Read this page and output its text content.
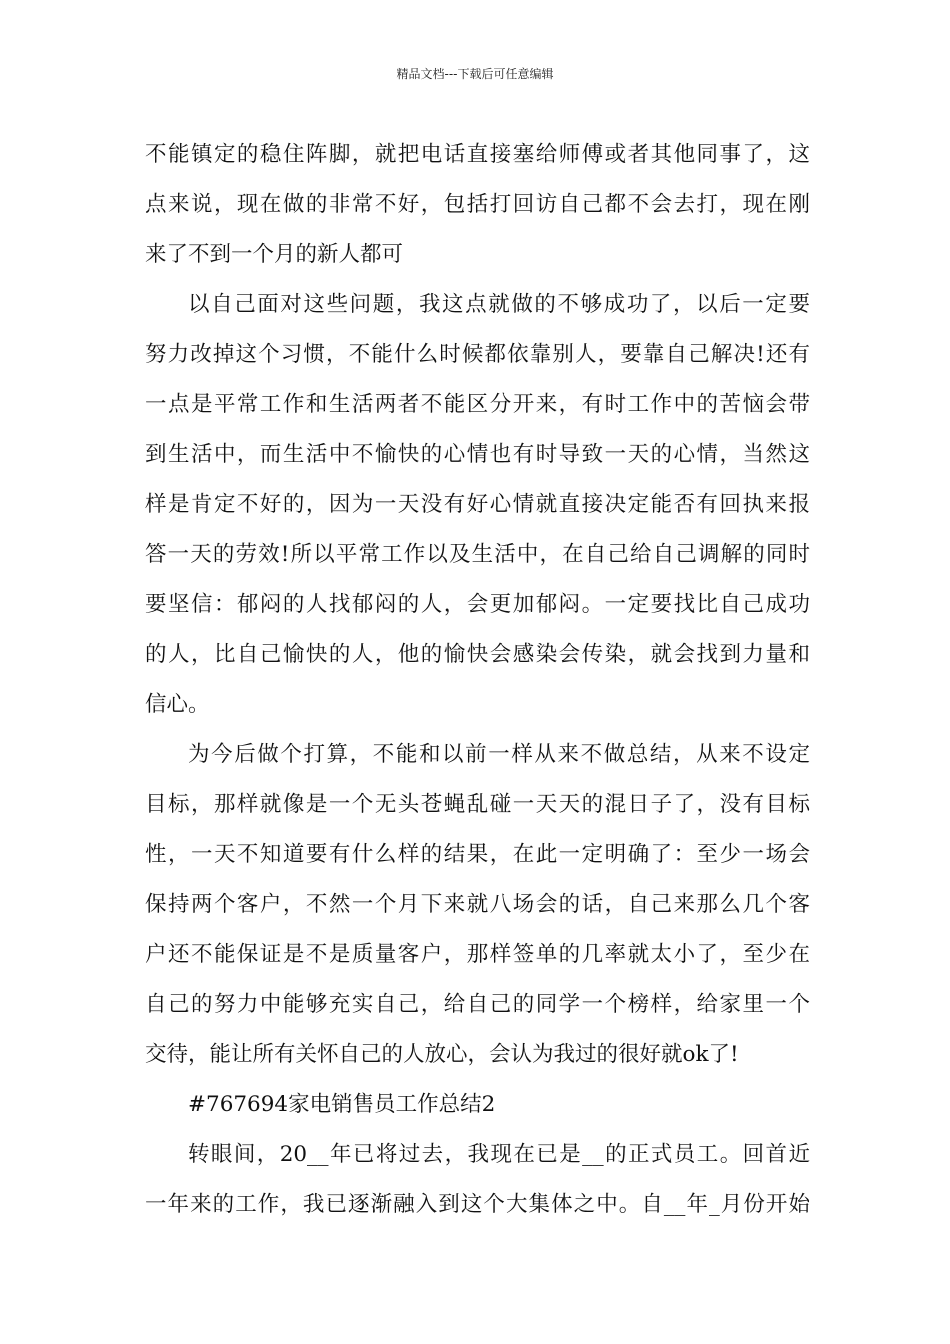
精品文档---下载后可任意编辑
不能镇定的稳住阵脚，就把电话直接塞给师傅或者其他同事了，这
点来说，现在做的非常不好，包括打回访自己都不会去打，现在刚
来了不到一个月的新人都可
以自己面对这些问题，我这点就做的不够成功了，以后一定要
努力改掉这个习惯，不能什么时候都依靠别人，要靠自己解决!还有
一点是平常工作和生活两者不能区分开来，有时工作中的苦恼会带
到生活中，而生活中不愉快的心情也有时导致一天的心情，当然这
样是肯定不好的，因为一天没有好心情就直接决定能否有回执来报
答一天的劳效!所以平常工作以及生活中，在自己给自己调解的同时
要坚信：郁闷的人找郁闷的人，会更加郁闷。一定要找比自己成功
的人，比自己愉快的人，他的愉快会感染会传染，就会找到力量和
信心。
为今后做个打算，不能和以前一样从来不做总结，从来不设定
目标，那样就像是一个无头苍蝇乱碰一天天的混日子了，没有目标
性，一天不知道要有什么样的结果，在此一定明确了：至少一场会
保持两个客户，不然一个月下来就八场会的话，自己来那么几个客
户还不能保证是不是质量客户，那样签单的几率就太小了，至少在
自己的努力中能够充实自己，给自己的同学一个榜样，给家里一个
交待，能让所有关怀自己的人放心，会认为我过的很好就ok了!
#767694家电销售员工作总结2
转眼间，20__年已将过去，我现在已是__的正式员工。回首近
一年来的工作，我已逐渐融入到这个大集体之中。自__年_月份开始
